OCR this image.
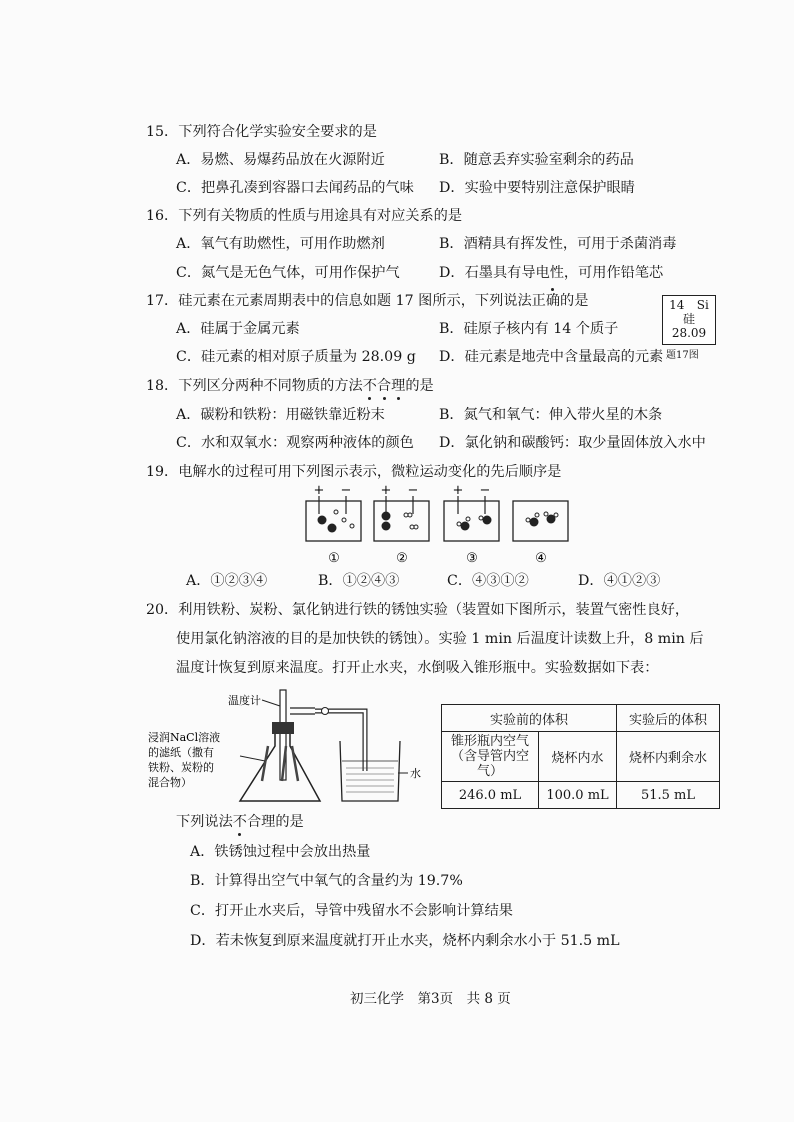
15．下列符合化学实验安全要求的是
A．易燃、易爆药品放在火源附近	B．随意丢弃实验室剩余的药品
C．把鼻孔凑到容器口去闻药品的气味 D．实验中要特别注意保护眼睛
16．下列有关物质的性质与用途具有对应关系的是
A．氧气有助燃性，可用作助燃剂	B．酒精具有挥发性，可用于杀菌消毒
C．氮气是无色气体，可用作保护气	D．石墨具有导电性，可用作铅笔芯
17．硅元素在元素周期表中的信息如题 17 图所示，下列说法正确的是
A．硅属于金属元素	B．硅原子核内有 14 个质子
C．硅元素的相对原子质量为 28.09 g D．硅元素是地壳中含量最高的元素
14 Si
硅
28.09
题17图
18．下列区分两种不同物质的方法不合理的是
A．碳粉和铁粉：用磁铁靠近粉末	B．氮气和氧气：伸入带火星的木条
C．水和双氧水：观察两种液体的颜色 D．氯化钠和碳酸钙：取少量固体放入水中
19．电解水的过程可用下列图示表示，微粒运动变化的先后顺序是
+ −
①
+ −
②
+ −
③	④
A．①②③④	B．①②④③	C．④③①②	D．④①②③
20．利用铁粉、炭粉、氯化钠进行铁的锈蚀实验（装置如下图所示，装置气密性良好，
使用氯化钠溶液的目的是加快铁的锈蚀）。实验 1 min 后温度计读数上升，8 min 后
温度计恢复到原来温度。打开止水夹，水倒吸入锥形瓶中。实验数据如下表：
温度计
水
浸润NaCl溶液
的滤纸（撒有
铁粉、炭粉的
混合物）
实验前的体积		实验后的体积

锥形瓶内空气
（含导管内空气）	烧杯内水	烧杯内剩余水
246.0 mL	100.0 mL	51.5 mL
下列说法不合理的是
A．铁锈蚀过程中会放出热量
B．计算得出空气中氧气的含量约为 19.7%
C．打开止水夹后，导管中残留水不会影响计算结果
D．若未恢复到原来温度就打开止水夹，烧杯内剩余水小于 51.5 mL
初三化学　第3页　共 8 页
